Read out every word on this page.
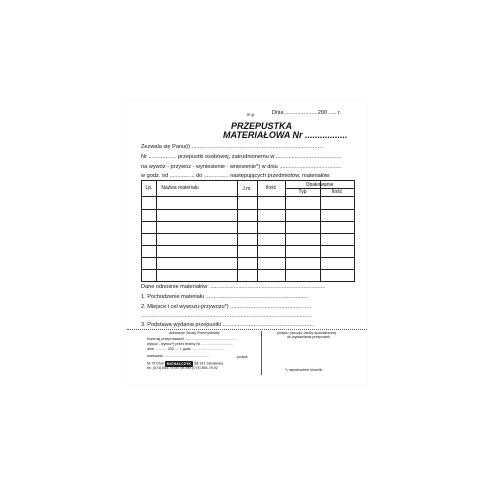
m.p.	Dnia .................... 200 ..... r.
PRZEPUSTKA
MATERIAŁOWA Nr .................
Zezwala się Panu(i) .....................................................................................
Nr .................. przepustki osobowej, zatrudnionemu w ..........................................
na wywóz - przywóz - wyniesienie - wniesienie*) w dniu ........................................
w godz. od ................ do ................ następujących przedmiotów, materiałów:
Lp.	Nazwa materiału	J.m.	Ilość	Opakowanie
Typ	Ilość
Dane odnośnie materiałów: ..........................................................................
1. Pochodzenie materiału ..................................................................
2. Miejsce i cel wywozu-przywozu*) ....................................................
..............................................................................................................
3. Podstawa wydania przepustki ...........................................................
Adnotacje Straży Przemysłowej
Kontrolę przeprowadził ...................................................
wywóz - wywóz*) przez bramę Nr ................................
dnia ............ 200..... r. godz. ................................
podpis
wartownik .............................................
podpis i pieczęć osoby upoważnionej
do wystawiania przepustek
*) niepotrzebne skreślić
M-75 Druk MICHALCZYK 58-141 Sieniawka
tel. (074) 855-79-90, tel./fax (074) 855-79-92
